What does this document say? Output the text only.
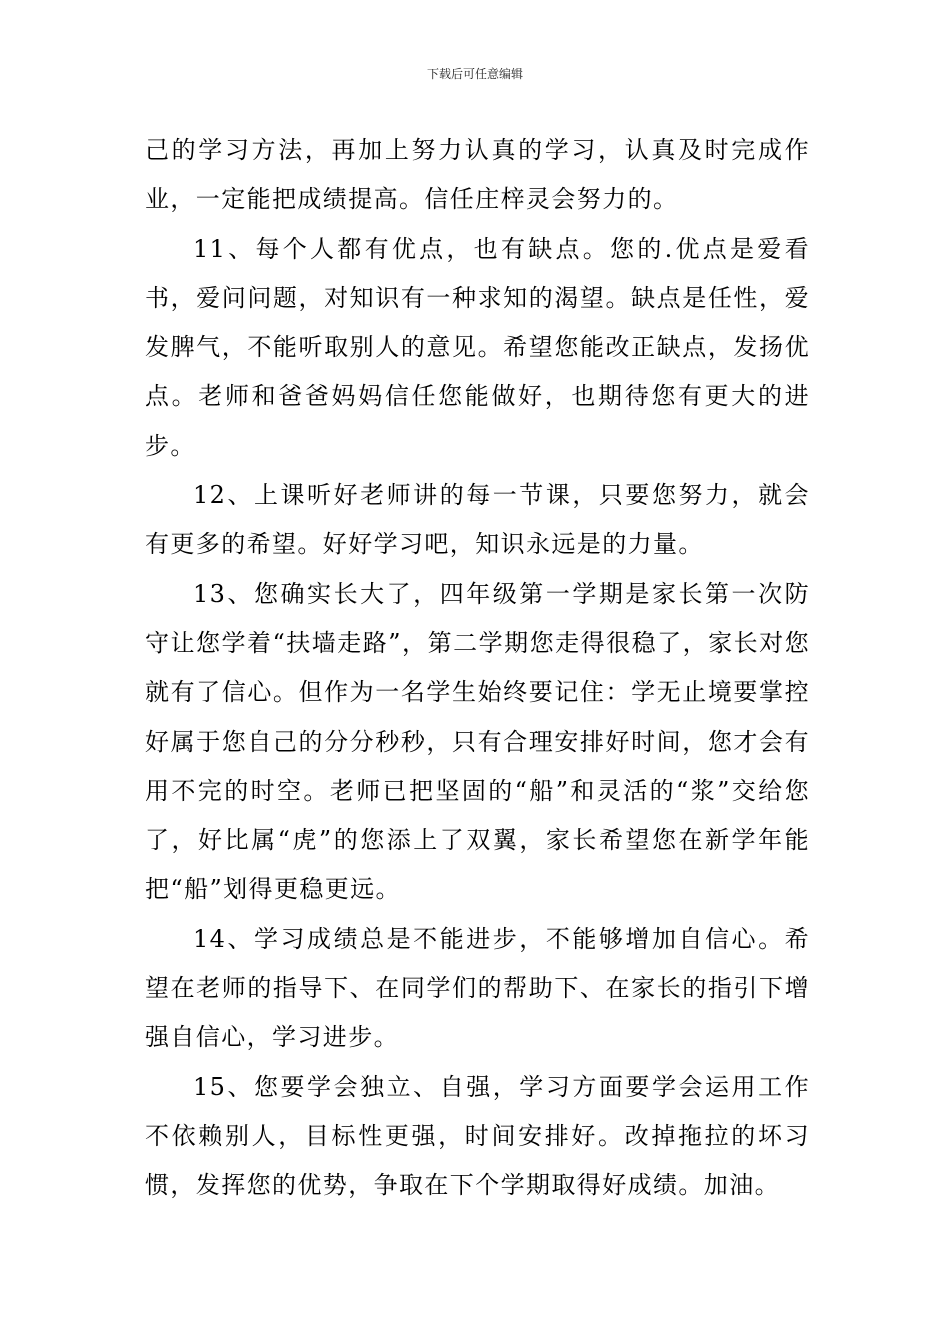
下载后可任意编辑

己的学习方法，再加上努力认真的学习，认真及时完成作业，一定能把成绩提高。信任庄梓灵会努力的。

11、每个人都有优点，也有缺点。您的.优点是爱看书，爱问问题，对知识有一种求知的渴望。缺点是任性，爱发脾气，不能听取别人的意见。希望您能改正缺点，发扬优点。老师和爸爸妈妈信任您能做好，也期待您有更大的进步。

12、上课听好老师讲的每一节课，只要您努力，就会有更多的希望。好好学习吧，知识永远是的力量。

13、您确实长大了，四年级第一学期是家长第一次防守让您学着“扶墙走路”，第二学期您走得很稳了，家长对您就有了信心。但作为一名学生始终要记住：学无止境要掌控好属于您自己的分分秒秒，只有合理安排好时间，您才会有用不完的时空。老师已把坚固的“船”和灵活的“浆”交给您了，好比属“虎”的您添上了双翼，家长希望您在新学年能把“船”划得更稳更远。

14、学习成绩总是不能进步，不能够增加自信心。希望在老师的指导下、在同学们的帮助下、在家长的指引下增强自信心，学习进步。

15、您要学会独立、自强，学习方面要学会运用工作不依赖别人，目标性更强，时间安排好。改掉拖拉的坏习惯，发挥您的优势，争取在下个学期取得好成绩。加油。
